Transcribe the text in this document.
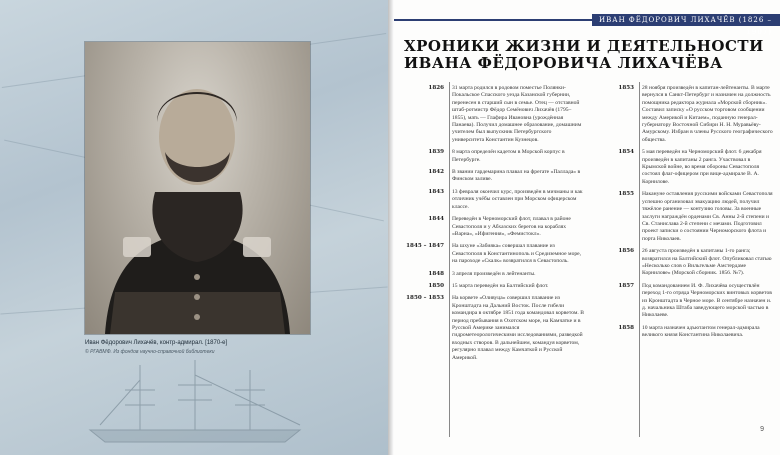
Иван Фёдорович Лихачёв, контр-адмирал. [1870-е]
© РГАВМФ. Из фондов научно-справочной библиотеки
ИВАН ФЁДОРОВИЧ ЛИХАЧЁВ (1826 – 1907)
ХРОНИКИ ЖИЗНИ И ДЕЯТЕЛЬНОСТИ
ИВАНА ФЁДОРОВИЧА ЛИХАЧЁВА
1826	31 марта родился в родовом поместье Полянки-Покальское Спасского уезда Казанской губернии, перенесен в старший сын в семье. Отец — отставной штаб-ротмистр Фёдор Семёнович Лихачёв (1795–1855), мать — Глафира Ивановна (урождённая Панаева). Получил домашнее образование, домашним учителем был выпускник Петербургского университета Константин Кузнецов.
1839	8 марта определён кадетом в Морской корпус в Петербурге.
1842	В звании гардемарина плавал на фрегате «Паллада» в Финском заливе.
1843	13 февраля окончил курс, произведён в мичманы и как отличник учёбы оставлен при Морском офицерском классе.
1844	Переведён в Черноморский флот, плавал в районе Севастополя и у Абхазских берегов на кораблях «Варна», «Ифигения», «Фемистокл».
1845 – 1847	На шхуне «Забияка» совершал плавание из Севастополя в Константинополь и Средиземное море, на пароходе «Скалк» возвратился в Севастополь.
1848	3 апреля произведён в лейтенанты.
1850	15 марта переведён на Балтийский флот.
1850 – 1853	На корвете «Оливуца» совершил плавание из Кронштадта на Дальний Восток. После гибели командира в октябре 1851 года командовал корветом. В период пребывания в Охотском море, на Камчатке и в Русской Америке занимался гидрометеорологическими исследованиями, разведкой входных створов. В дальнейшем, командуя корветом, регулярно плавал между Камчаткой и Русской Америкой.
1853	28 ноября произведён в капитан-лейтенанты. В марте вернулся в Санкт-Петербург и назначен на должность помощника редактора журнала «Морской сборник». Составил записку «О русском торговом сообщении между Америкой и Китаем», поданную генерал-губернатору Восточной Сибири Н. Н. Муравьёву-Амурскому. Избран в члены Русского географического общества.
1854	5 мая переведён на Черноморский флот. 6 декабря произведён в капитаны 2 ранга. Участвовал в Крымской войне, во время обороны Севастополя состоял флаг-офицером при вице-адмирале В. А. Корнилове.
1855	Накануне оставления русскими войсками Севастополя успешно организовал эвакуацию людей, получил тяжёлое ранение — контузию головы. За военные заслуги награждён орденами Св. Анны 2-й степени и Св. Станислава 2-й степени с мечами. Подготовил проект записки о состоянии Черноморского флота и порта Николаев.
1856	26 августа произведён в капитаны 1-го ранга; возвратился на Балтийский флот. Опубликовал статью «Несколько слов о Вильгельме Амстердаме Корнилове» (Морской сборник. 1856. №7).
1857	Под командованием И. Ф. Лихачёва осуществлён переход 1-го отряда Черноморских винтовых корветов из Кронштадта в Черное море. В сентябре назначен и. д. начальника Штаба заведующего морской частью в Николаеве.
1858	10 марта назначен адъютантом генерал-адмирала великого князя Константина Николаевича.
9
